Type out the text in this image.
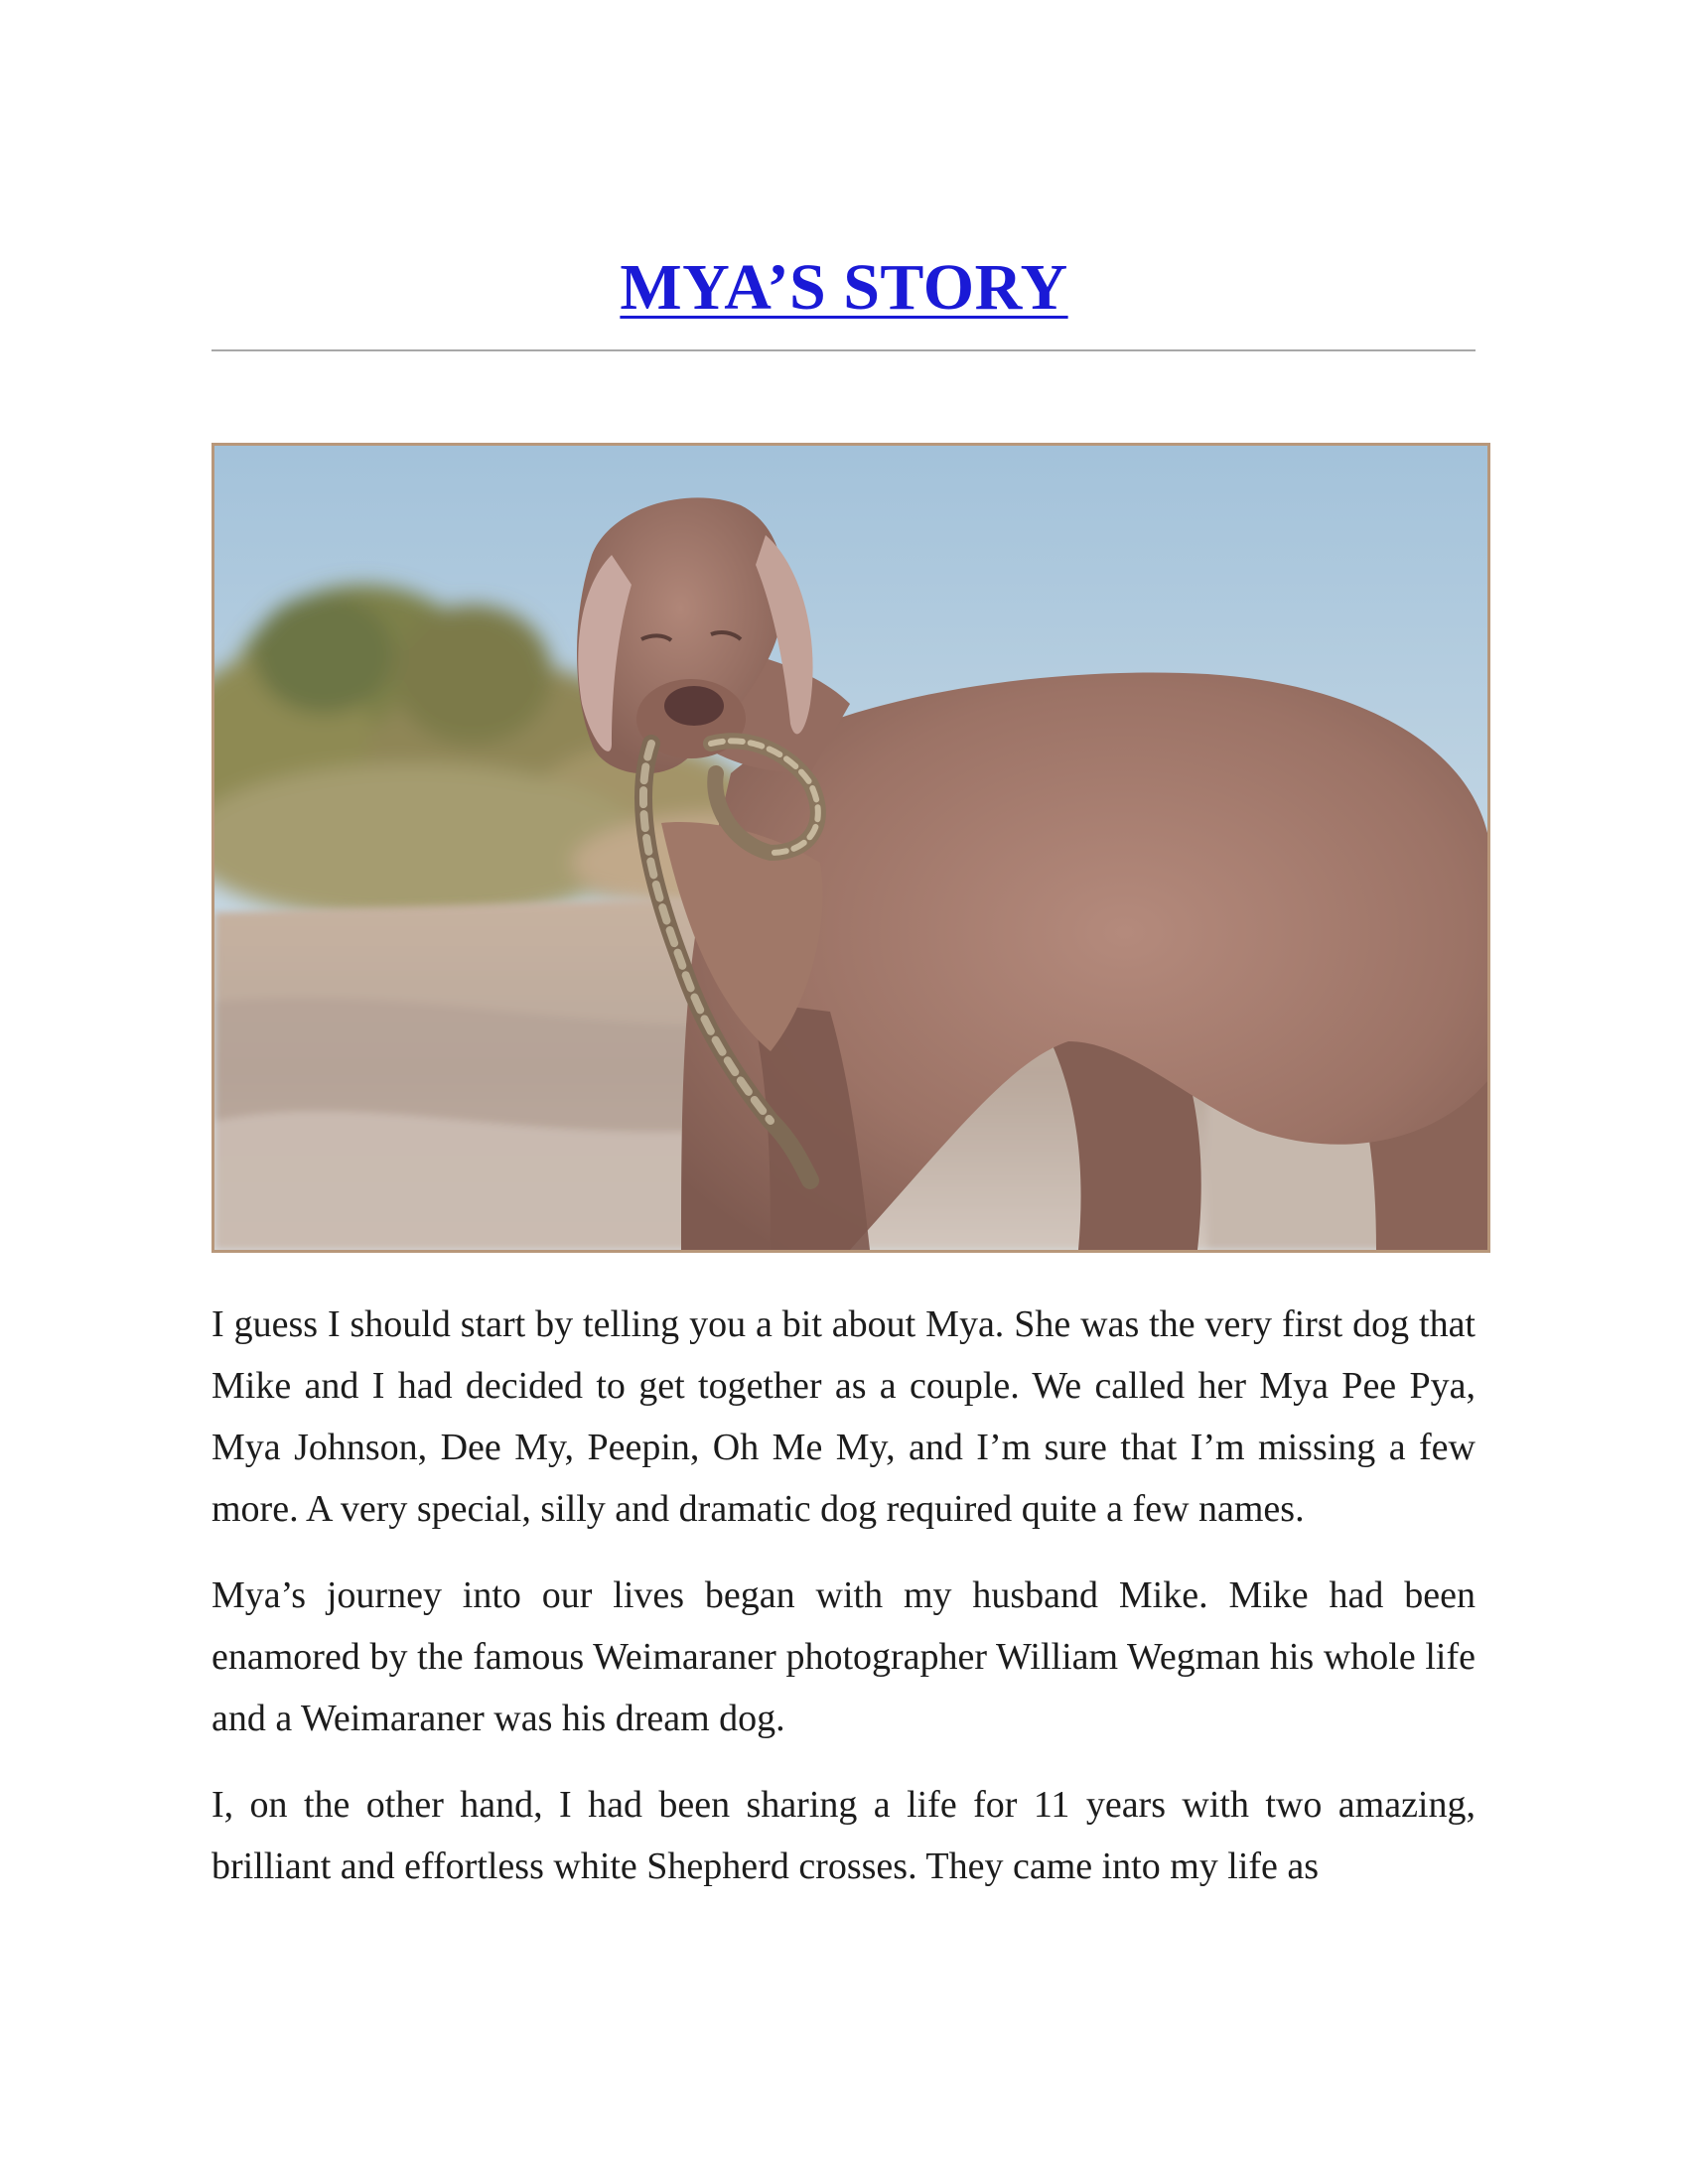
MYA’S STORY

I guess I should start by telling you a bit about Mya. She was the very first dog that Mike and I had decided to get together as a couple. We called her Mya Pee Pya, Mya Johnson, Dee My, Peepin, Oh Me My, and I’m sure that I’m missing a few more. A very special, silly and dramatic dog required quite a few names.

Mya’s journey into our lives began with my husband Mike. Mike had been enamored by the famous Weimaraner photographer William Wegman his whole life and a Weimaraner was his dream dog.

I, on the other hand, I had been sharing a life for 11 years with two amazing, brilliant and effortless white Shepherd crosses. They came into my life as
